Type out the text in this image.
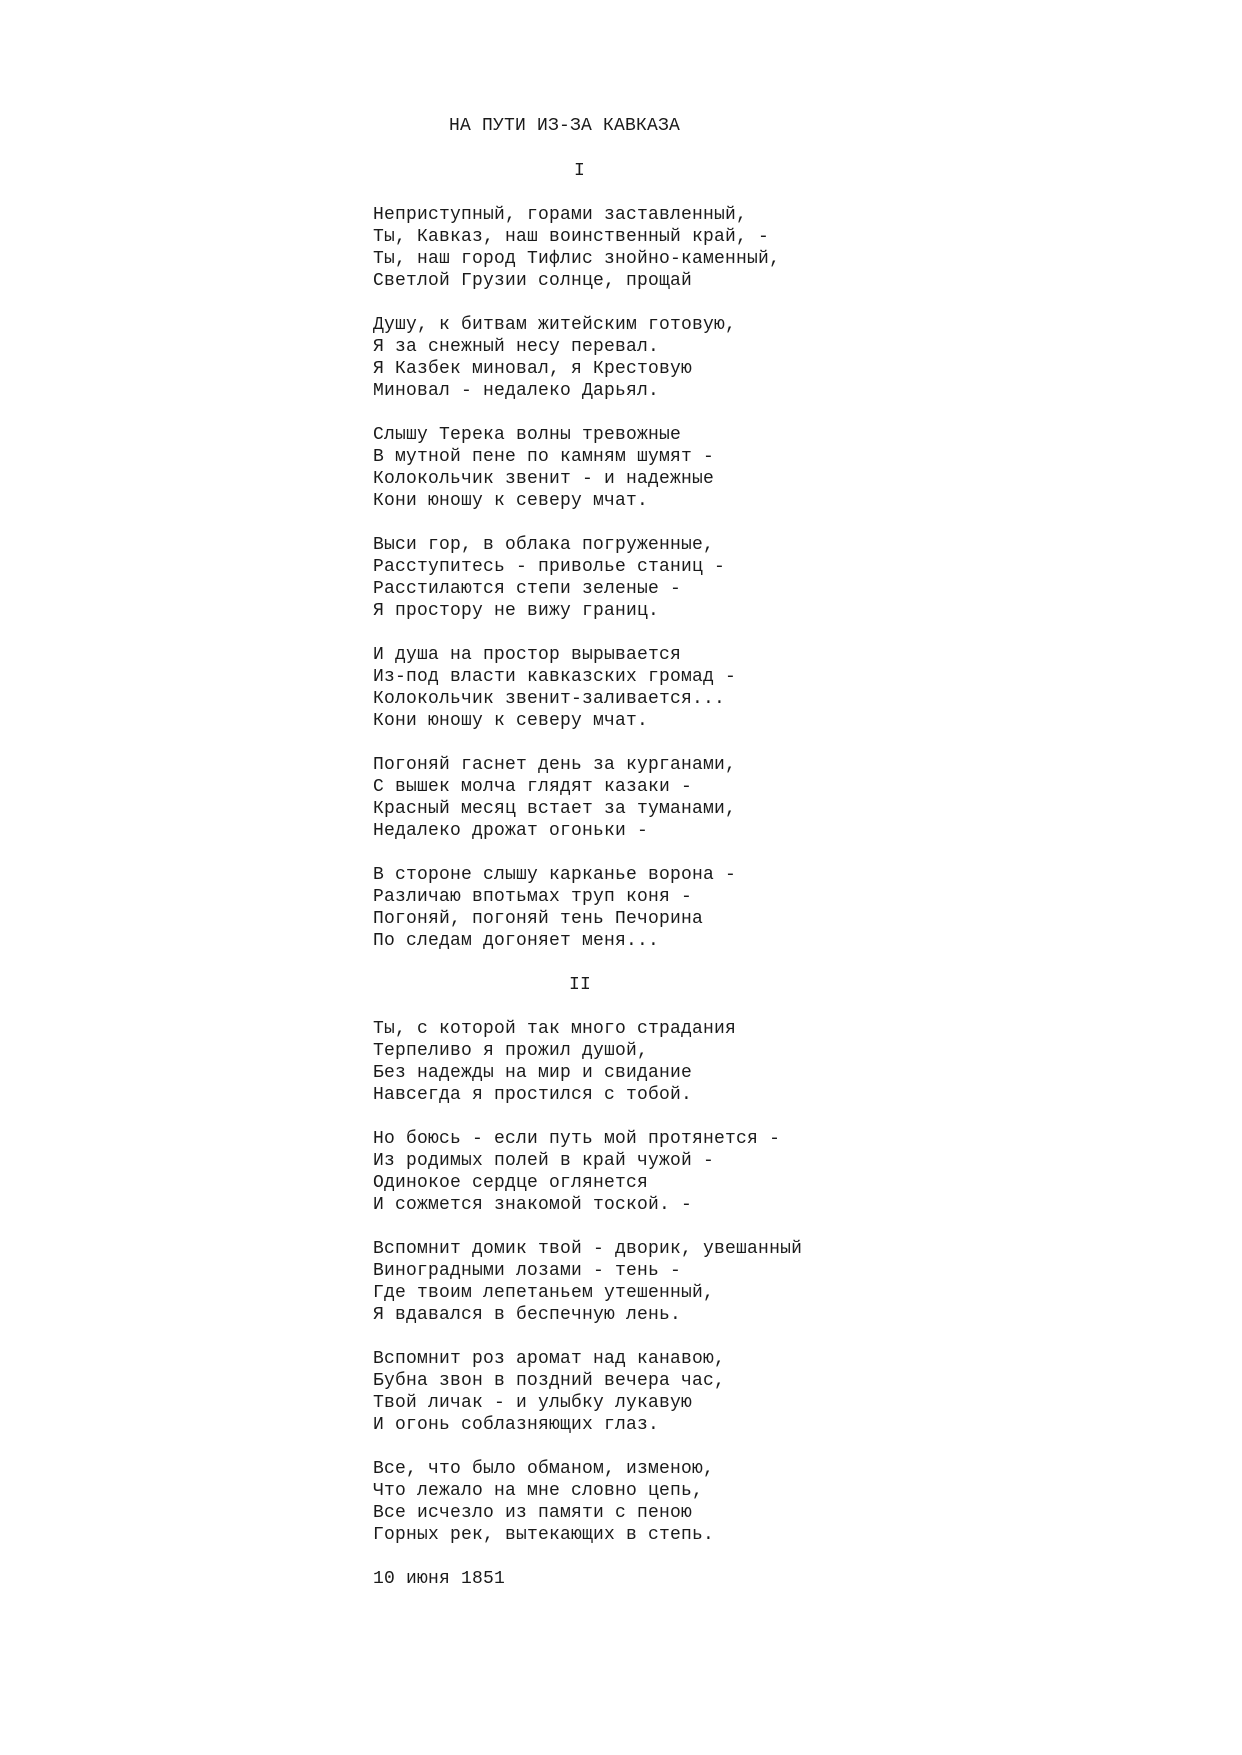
НА ПУТИ ИЗ-ЗА КАВКАЗА
I
Неприступный, горами заставленный,
Ты, Кавказ, наш воинственный край, -
Ты, наш город Тифлис знойно-каменный,
Светлой Грузии солнце, прощай
Душу, к битвам житейским готовую,
Я за снежный несу перевал.
Я Казбек миновал, я Крестовую
Миновал - недалеко Дарьял.
Слышу Терека волны тревожные
В мутной пене по камням шумят -
Колокольчик звенит - и надежные
Кони юношу к северу мчат.
Выси гор, в облака погруженные,
Расступитесь - приволье станиц -
Расстилаются степи зеленые -
Я простору не вижу границ.
И душа на простор вырывается
Из-под власти кавказских громад -
Колокольчик звенит-заливается...
Кони юношу к северу мчат.
Погоняй гаснет день за курганами,
С вышек молча глядят казаки -
Красный месяц встает за туманами,
Недалеко дрожат огоньки -
В стороне слышу карканье ворона -
Различаю впотьмах труп коня -
Погоняй, погоняй тень Печорина
По следам догоняет меня...
II
Ты, с которой так много страдания
Терпеливо я прожил душой,
Без надежды на мир и свидание
Навсегда я простился с тобой.
Но боюсь - если путь мой протянется -
Из родимых полей в край чужой -
Одинокое сердце оглянется
И сожмется знакомой тоской. -
Вспомнит домик твой - дворик, увешанный
Виноградными лозами - тень -
Где твоим лепетаньем утешенный,
Я вдавался в беспечную лень.
Вспомнит роз аромат над канавою,
Бубна звон в поздний вечера час,
Твой личак - и улыбку лукавую
И огонь соблазняющих глаз.
Все, что было обманом, изменою,
Что лежало на мне словно цепь,
Все исчезло из памяти с пеною
Горных рек, вытекающих в степь.
10 июня 1851
